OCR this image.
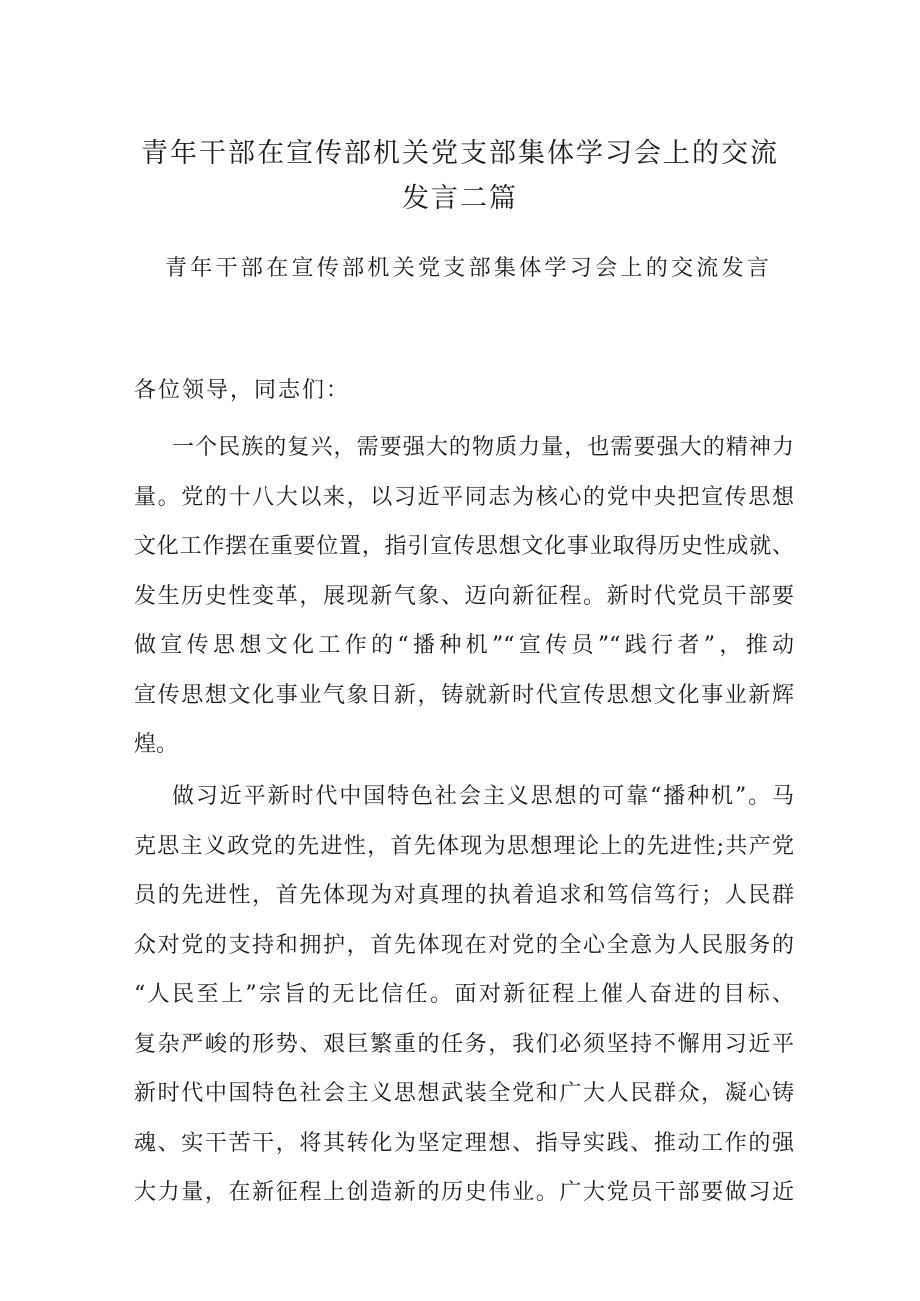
青年干部在宣传部机关党支部集体学习会上的交流
发言二篇
青年干部在宣传部机关党支部集体学习会上的交流发言
各位领导，同志们：
一个民族的复兴，需要强大的物质力量，也需要强大的精神力
量。党的十八大以来，以习近平同志为核心的党中央把宣传思想
文化工作摆在重要位置，指引宣传思想文化事业取得历史性成就、
发生历史性变革，展现新气象、迈向新征程。新时代党员干部要
做宣传思想文化工作的“播种机”“宣传员”“践行者”，推动
宣传思想文化事业气象日新，铸就新时代宣传思想文化事业新辉
煌。
做习近平新时代中国特色社会主义思想的可靠“播种机”。马
克思主义政党的先进性，首先体现为思想理论上的先进性;共产党
员的先进性，首先体现为对真理的执着追求和笃信笃行；人民群
众对党的支持和拥护，首先体现在对党的全心全意为人民服务的
“人民至上”宗旨的无比信任。面对新征程上催人奋进的目标、
复杂严峻的形势、艰巨繁重的任务，我们必须坚持不懈用习近平
新时代中国特色社会主义思想武装全党和广大人民群众，凝心铸
魂、实干苦干，将其转化为坚定理想、指导实践、推动工作的强
大力量，在新征程上创造新的历史伟业。广大党员干部要做习近
